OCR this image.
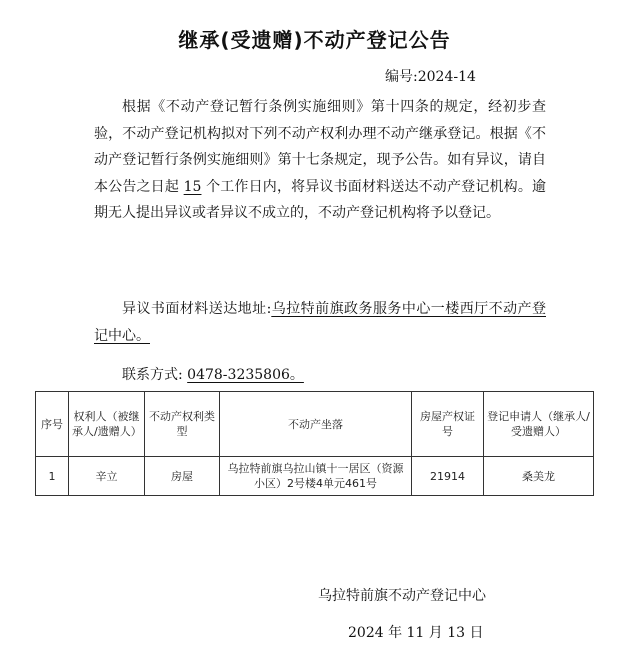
继承(受遗赠)不动产登记公告
编号:2024-14
根据《不动产登记暂行条例实施细则》第十四条的规定，经初步查验，不动产登记机构拟对下列不动产权利办理不动产继承登记。根据《不动产登记暂行条例实施细则》第十七条规定，现予公告。如有异议，请自本公告之日起 15 个工作日内，将异议书面材料送达不动产登记机构。逾期无人提出异议或者异议不成立的，不动产登记机构将予以登记。
异议书面材料送达地址:乌拉特前旗政务服务中心一楼西厅不动产登记中心。
联系方式: 0478-3235806。
序号	权利人（被继承人/遗赠人）	不动产权利类型	不动产坐落	房屋产权证号	登记申请人（继承人/受遗赠人）
1	辛立	房屋	乌拉特前旗乌拉山镇十一居区（资源小区）2号楼4单元461号	21914	桑美龙
乌拉特前旗不动产登记中心
2024 年 11 月 13 日
